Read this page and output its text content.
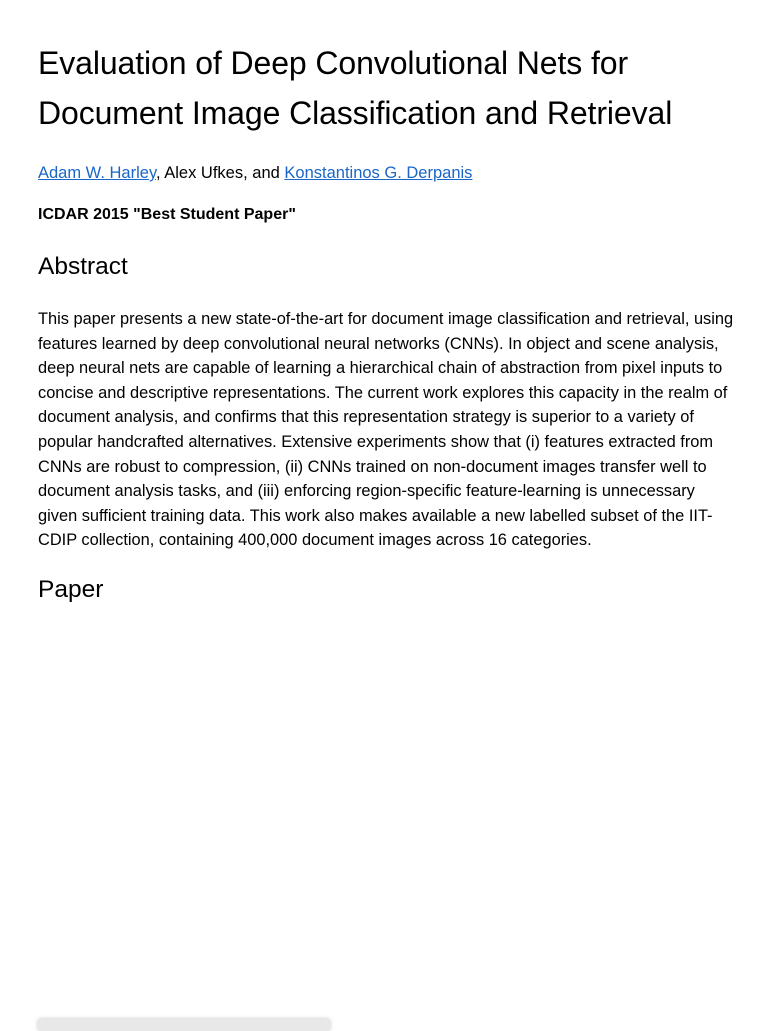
Evaluation of Deep Convolutional Nets for Document Image Classification and Retrieval

Adam W. Harley, Alex Ufkes, and Konstantinos G. Derpanis

ICDAR 2015 "Best Student Paper"

Abstract

This paper presents a new state-of-the-art for document image classification and retrieval, using features learned by deep convolutional neural networks (CNNs). In object and scene analysis, deep neural nets are capable of learning a hierarchical chain of abstraction from pixel inputs to concise and descriptive representations. The current work explores this capacity in the realm of document analysis, and confirms that this representation strategy is superior to a variety of popular handcrafted alternatives. Extensive experiments show that (i) features extracted from CNNs are robust to compression, (ii) CNNs trained on non-document images transfer well to document analysis tasks, and (iii) enforcing region-specific feature-learning is unnecessary given sufficient training data. This work also makes available a new labelled subset of the IIT-CDIP collection, containing 400,000 document images across 16 categories.

Paper
